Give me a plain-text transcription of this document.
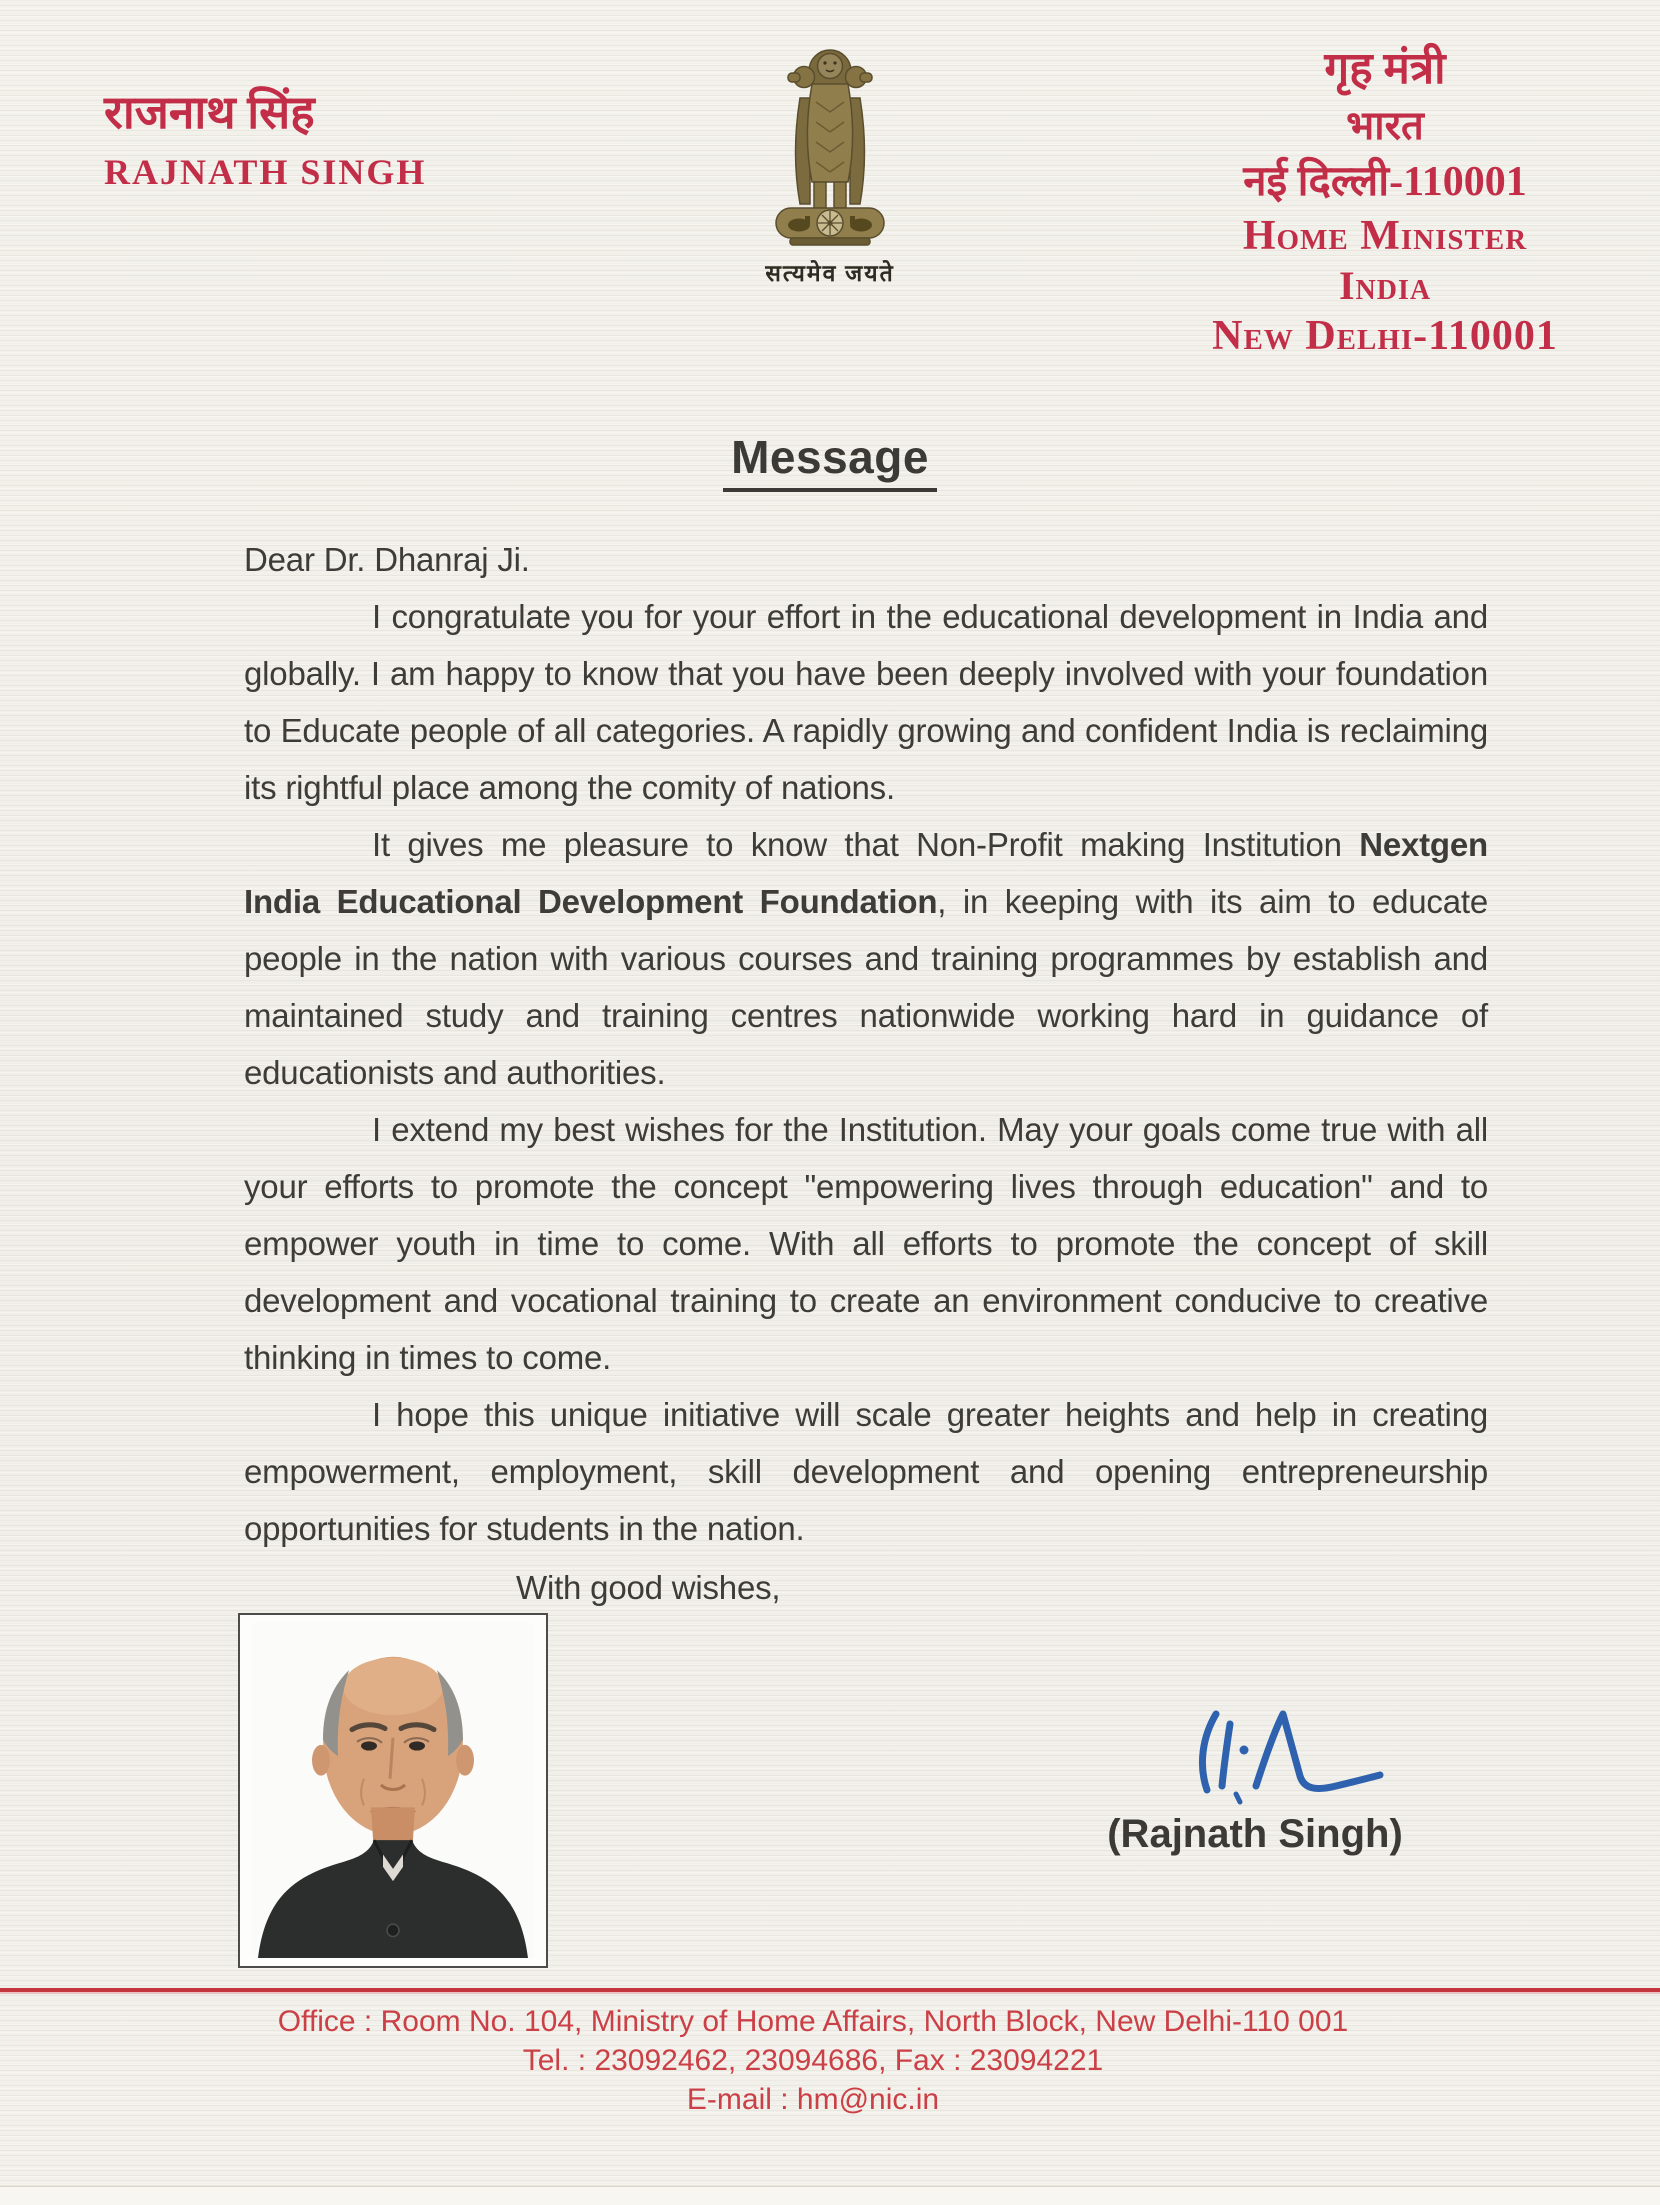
राजनाथ सिंह
RAJNATH SINGH
सत्यमेव जयते
गृह मंत्री
भारत
नई दिल्ली-110001
Home Minister
India
New Delhi-110001
Message

Dear Dr. Dhanraj Ji.

I congratulate you for your effort in the educational development in India and globally. I am happy to know that you have been deeply involved with your foundation to Educate people of all categories. A rapidly growing and confident India is reclaiming its rightful place among the comity of nations.

It gives me pleasure to know that Non-Profit making Institution Nextgen India Educational Development Foundation, in keeping with its aim to educate people in the nation with various courses and training programmes by establish and maintained study and training centres nationwide working hard in guidance of educationists and authorities.

I extend my best wishes for the Institution. May your goals come true with all your efforts to promote the concept "empowering lives through education" and to empower youth in time to come. With all efforts to promote the concept of skill development and vocational training to create an environment conducive to creative thinking in times to come.

I hope this unique initiative will scale greater heights and help in creating empowerment, employment, skill development and opening entrepreneurship opportunities for students in the nation.

With good wishes,

(Rajnath Singh)
Office : Room No. 104, Ministry of Home Affairs, North Block, New Delhi-110 001
Tel. : 23092462, 23094686, Fax : 23094221
E-mail : hm@nic.in
